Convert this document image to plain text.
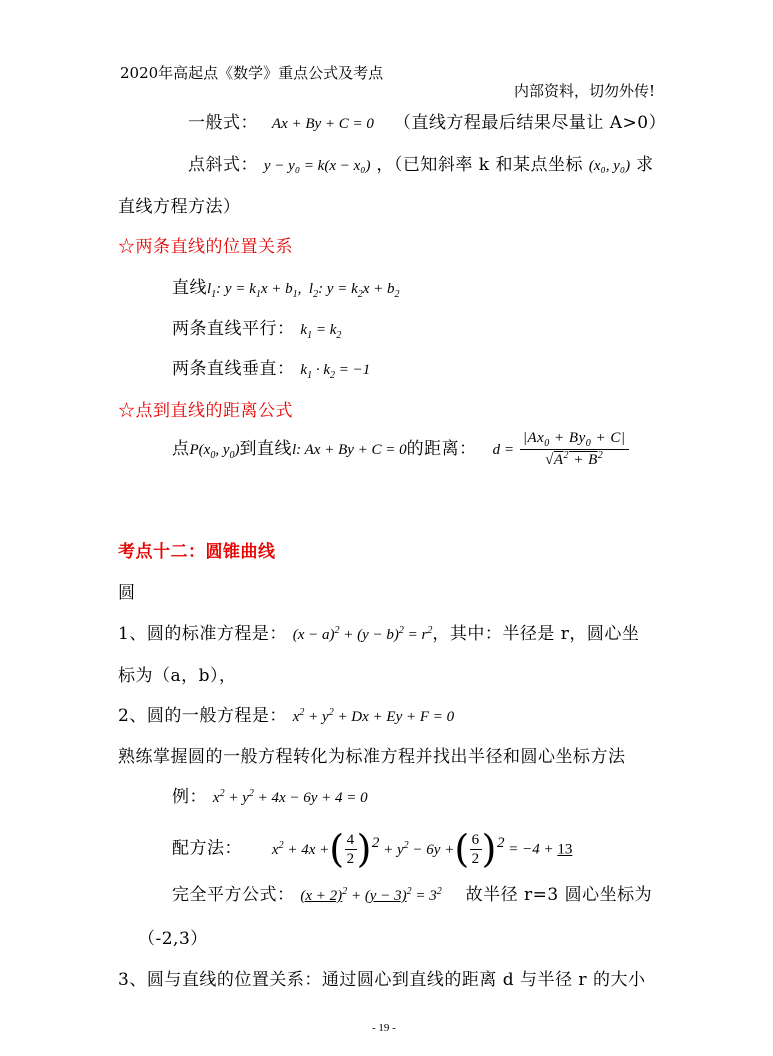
2020年高起点《数学》重点公式及考点
内部资料，切勿外传!
一般式： Ax + By + C = 0 （直线方程最后结果尽量让 A>0）
点斜式： y − y₀ = k(x − x₀) ，（已知斜率 k 和某点坐标 (x₀, y₀) 求
直线方程方法）
☆两条直线的位置关系
直线$l_1$: $y = k_1x + b_1$,  $l_2$: $y = k_2x + b_2$
两条直线平行： $k_1 = k_2$
两条直线垂直： $k_1 \cdot k_2 = -1$
☆点到直线的距离公式
点$P(x_0$, $y_0$)到直线l: Ax + By + C = 0的距离： $d = \frac{|Ax_0 + By_0 + C|}{√A^2 + B^2}$
考点十二：圆锥曲线
圆
1、圆的标准方程是： $(x - a)^2 + (y - b)^2 = r^2$，其中：半径是 r，圆心坐
标为（a，b），
2、圆的一般方程是： $x^2 + y^2 + Dx + Ey + F = 0$
熟练掌握圆的一般方程转化为标准方程并找出半径和圆心坐标方法
例： $x^2 + y^2 + 4x - 6y + 4 = 0$
配方法： $x^2 + 4x$ +( $\frac{4}{2} )^2 + y^2 - 6y$ +( $\frac{6}{2} )^2 = -4 + 13$
完全平方公式： $(x + 2)^2 + (y - 3)^2 = 3^2$ 故半径 r=3 圆心坐标为
（-2,3）
3、圆与直线的位置关系：通过圆心到直线的距离 d 与半径 r 的大小
- 19 -
